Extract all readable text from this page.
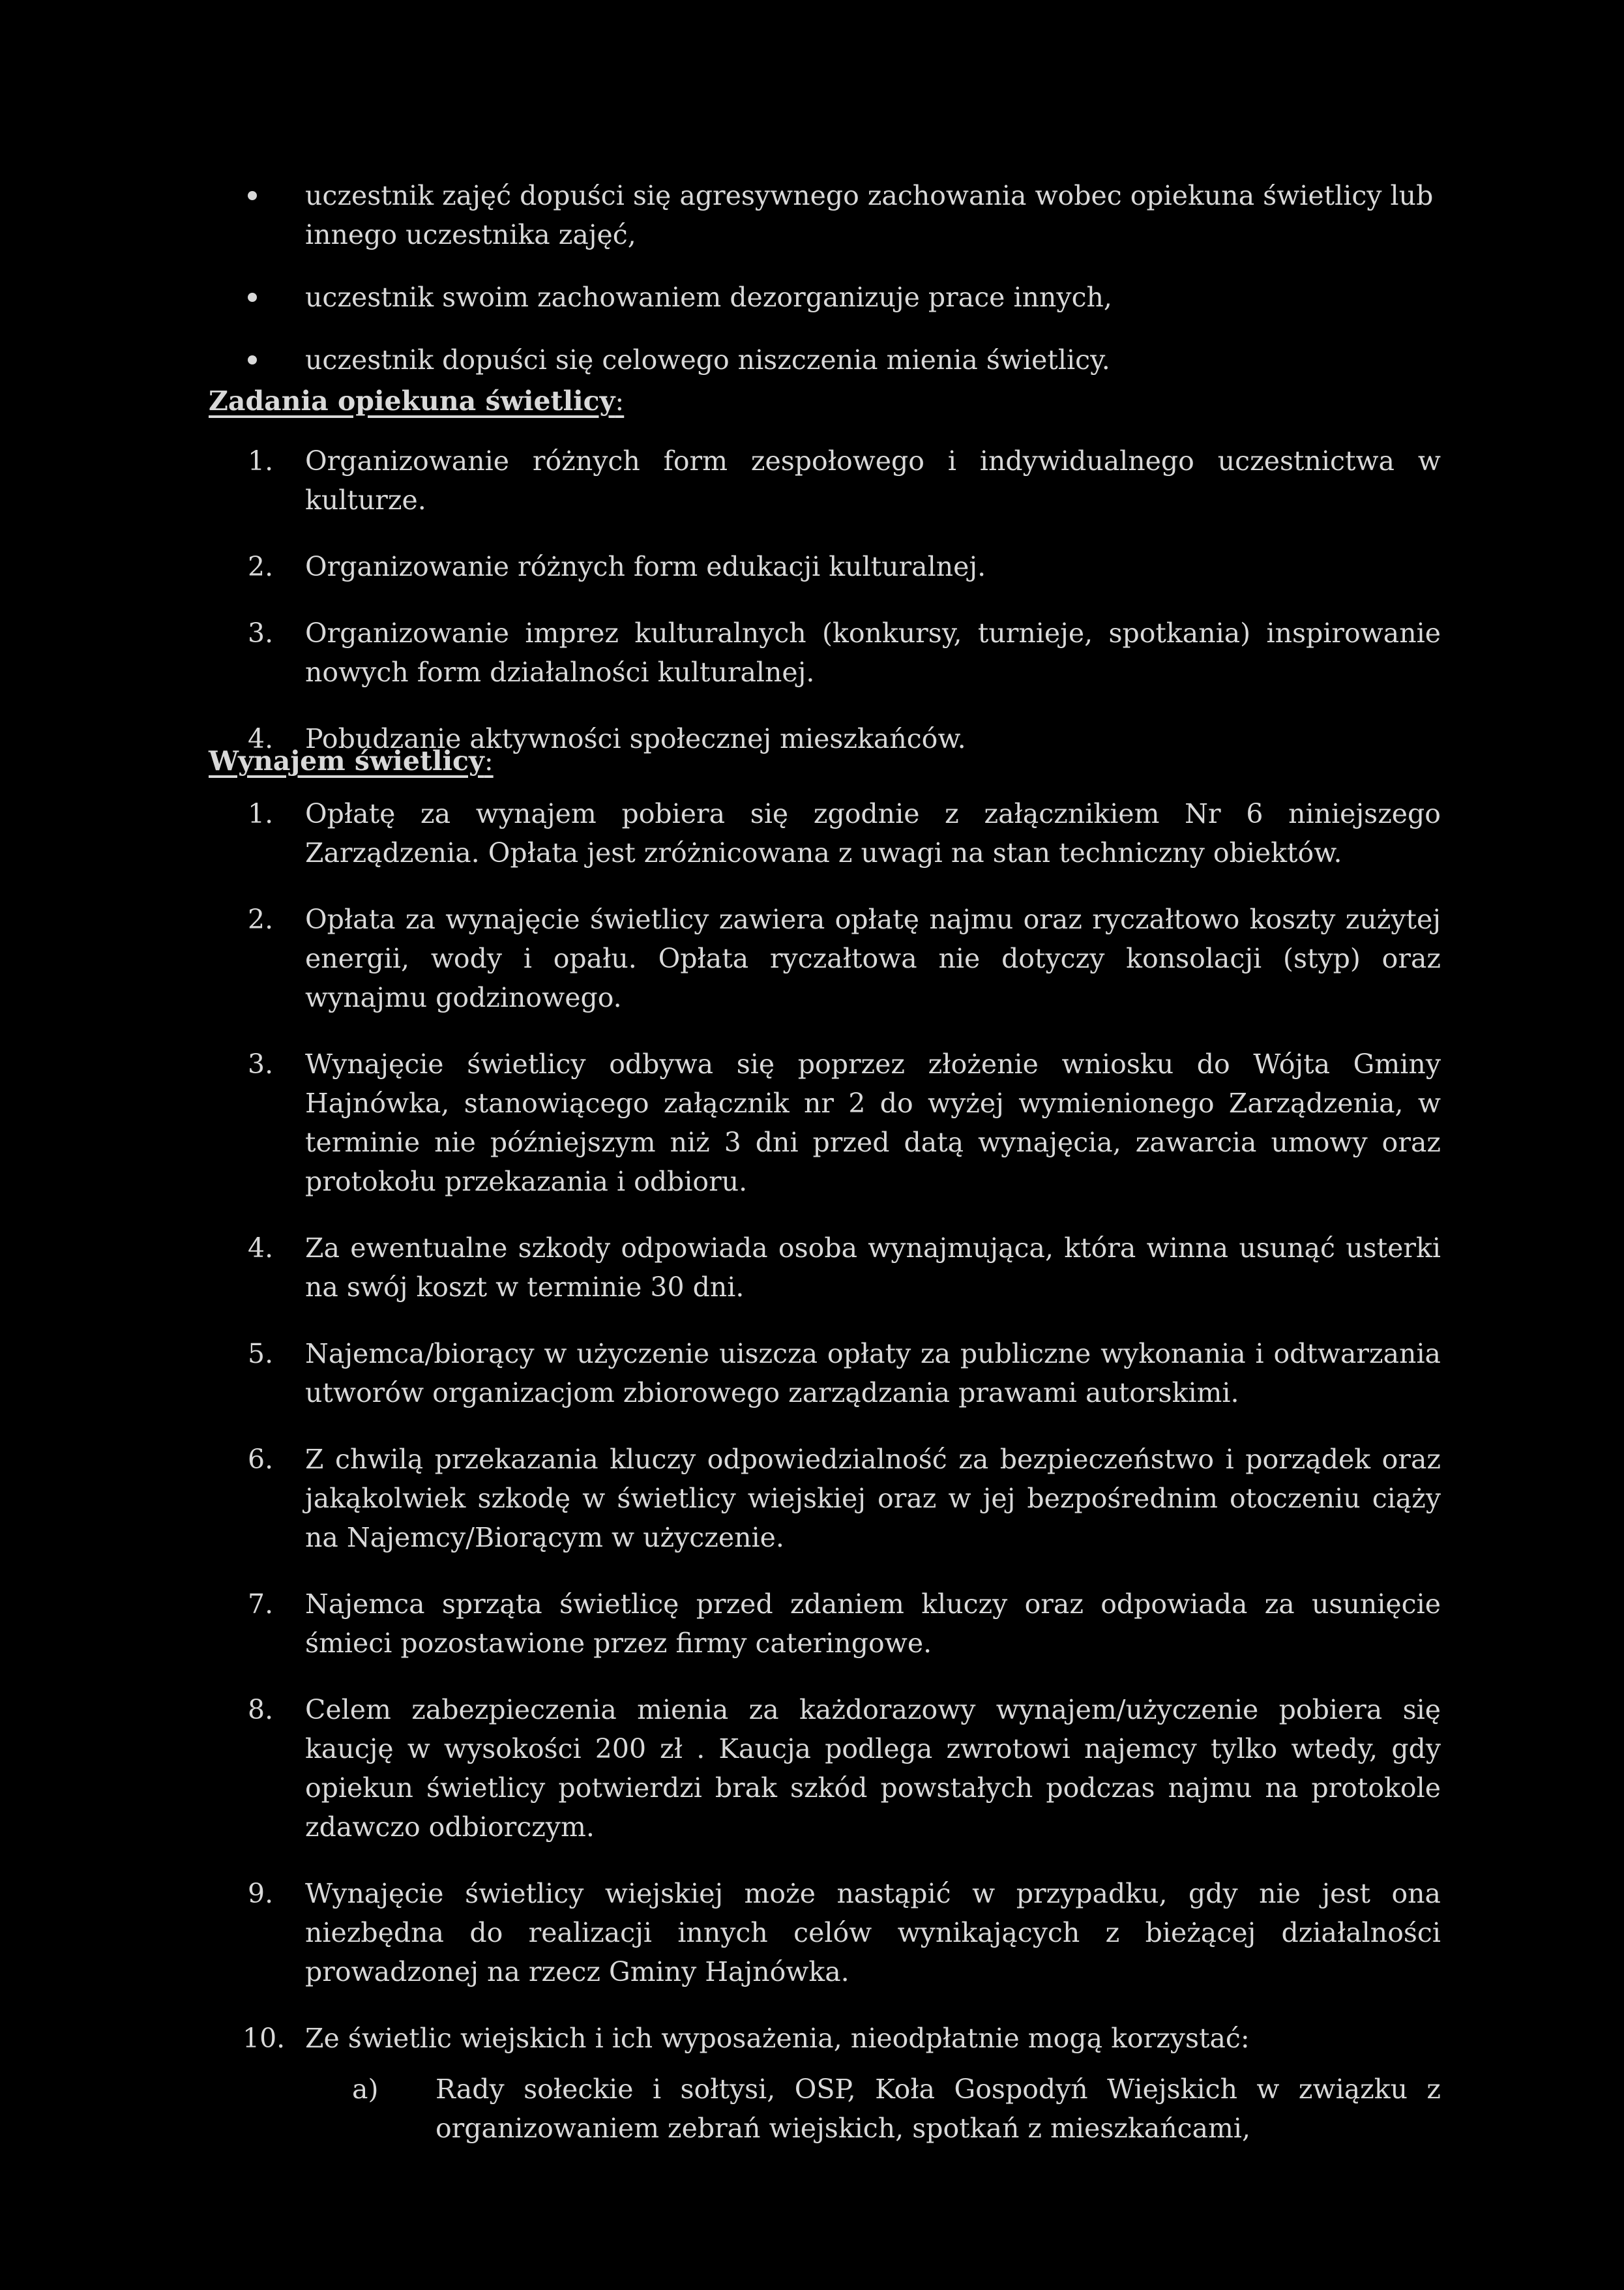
uczestnik zajęć dopuści się agresywnego zachowania wobec opiekuna świetlicy lub innego uczestnika zajęć,
uczestnik swoim zachowaniem dezorganizuje prace innych,
uczestnik dopuści się celowego niszczenia mienia świetlicy.
Zadania opiekuna świetlicy:
1.	Organizowanie różnych form zespołowego i indywidualnego uczestnictwa w kulturze.
2.	Organizowanie różnych form edukacji kulturalnej.
3.	Organizowanie imprez kulturalnych (konkursy, turnieje, spotkania) inspirowanie nowych form działalności kulturalnej.
4.	Pobudzanie aktywności społecznej mieszkańców.
Wynajem świetlicy:
1.	Opłatę za wynajem pobiera się zgodnie z załącznikiem Nr 6 niniejszego Zarządzenia. Opłata jest zróżnicowana z uwagi na stan techniczny obiektów.
2.	Opłata za wynajęcie świetlicy zawiera opłatę najmu oraz ryczałtowo koszty zużytej energii, wody i opału. Opłata ryczałtowa nie dotyczy konsolacji (styp) oraz wynajmu godzinowego.
3.	Wynajęcie świetlicy odbywa się poprzez złożenie wniosku do Wójta Gminy Hajnówka, stanowiącego załącznik nr 2 do wyżej wymienionego Zarządzenia, w terminie nie późniejszym niż 3 dni przed datą wynajęcia, zawarcia umowy oraz protokołu przekazania i odbioru.
4.	Za ewentualne szkody odpowiada osoba wynajmująca, która winna usunąć usterki na swój koszt w terminie 30 dni.
5.	Najemca/biorący w użyczenie uiszcza opłaty za publiczne wykonania i odtwarzania utworów organizacjom zbiorowego zarządzania prawami autorskimi.
6.	Z chwilą przekazania kluczy odpowiedzialność za bezpieczeństwo i porządek oraz jakąkolwiek szkodę w świetlicy wiejskiej oraz w jej bezpośrednim otoczeniu ciąży na Najemcy/Biorącym w użyczenie.
7.	Najemca sprząta świetlicę przed zdaniem kluczy oraz odpowiada za usunięcie śmieci pozostawione przez firmy cateringowe.
8.	Celem zabezpieczenia mienia za każdorazowy wynajem/użyczenie pobiera się kaucję w wysokości 200 zł . Kaucja podlega zwrotowi najemcy tylko wtedy, gdy opiekun świetlicy potwierdzi brak szkód powstałych podczas najmu na protokole zdawczo odbiorczym.
9.	Wynajęcie świetlicy wiejskiej może nastąpić w przypadku, gdy nie jest ona niezbędna do realizacji innych celów wynikających z bieżącej działalności prowadzonej na rzecz Gminy Hajnówka.
10. Ze świetlic wiejskich i ich wyposażenia, nieodpłatnie mogą korzystać:
a) Rady sołeckie i sołtysi, OSP, Koła Gospodyń Wiejskich w związku z organizowaniem zebrań wiejskich, spotkań z mieszkańcami,
